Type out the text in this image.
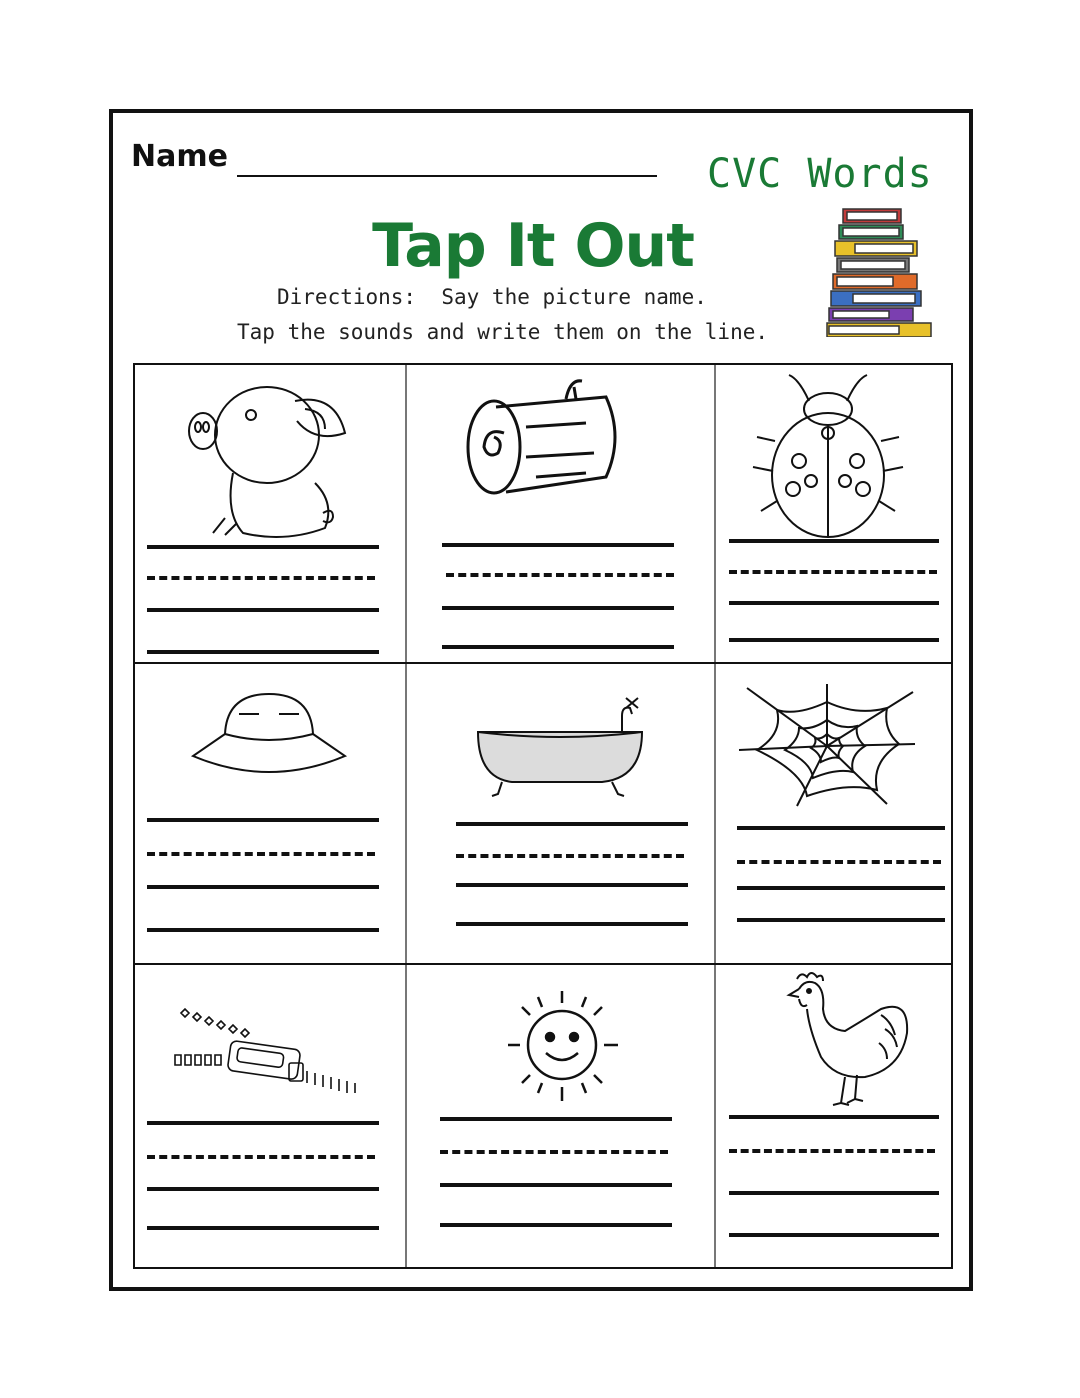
Name	CVC Words
Tap It Out
Directions:  Say the picture name.
Tap the sounds and write them on the line.
